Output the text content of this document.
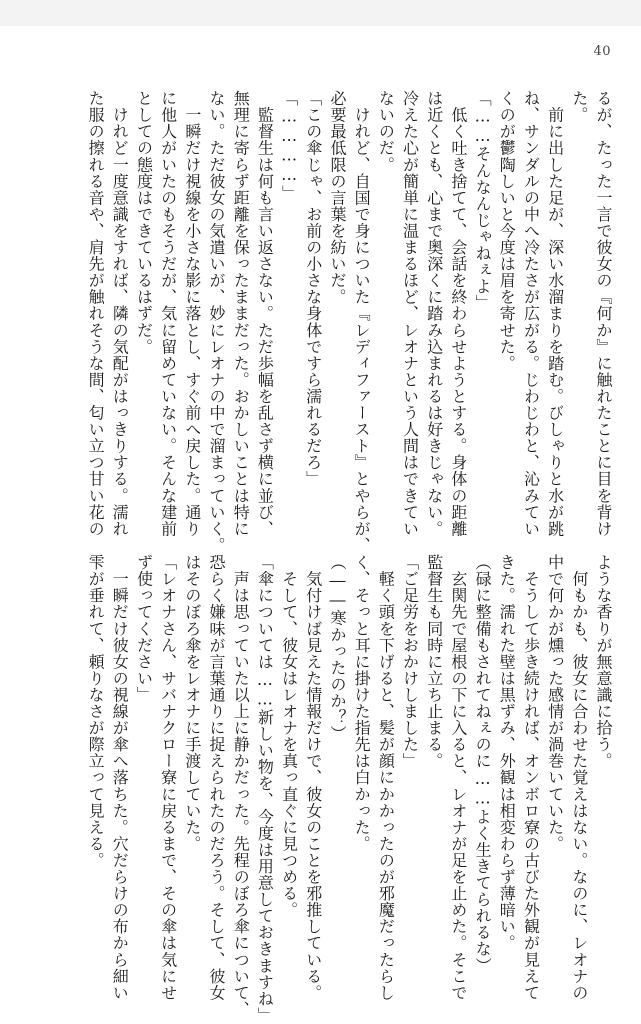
40
るが、たった一言で彼女の『何か』に触れたことに目を背け
た。
　前に出した足が、深い水溜まりを踏む。びしゃりと水が跳
ね、サンダルの中へ冷たさが広がる。じわじわと、沁みてい
くのが鬱陶しいと今度は眉を寄せた。
「……そんなんじゃねぇよ」
　低く吐き捨てて、会話を終わらせようとする。身体の距離
は近くとも、心まで奥深くに踏み込まれるは好きじゃない。
冷えた心が簡単に温まるほど、レオナという人間はできてい
ないのだ。
　けれど、自国で身についた『レディファースト』とやらが、
必要最低限の言葉を紡いだ。
「この傘じゃ、お前の小さな身体ですら濡れるだろ」
「…………」
　監督生は何も言い返さない。ただ歩幅を乱さず横に並び、
無理に寄らず距離を保ったままだった。おかしいことは特に
ない。ただ彼女の気遣いが、妙にレオナの中で溜まっていく。
　一瞬だけ視線を小さな影に落とし、すぐ前へ戻した。通り
に他人がいたのもそうだが、気に留めていない。そんな建前
としての態度はできているはずだ。
　けれど一度意識をすれば、隣の気配がはっきりする。濡れ
た服の擦れる音や、肩先が触れそうな間、匂い立つ甘い花の
ような香りが無意識に拾う。
　何もかも、彼女に合わせた覚えはない。なのに、レオナの
中で何かが燻った感情が渦巻いていた。
　そうして歩き続ければ、オンボロ寮の古びた外観が見えて
きた。濡れた壁は黒ずみ、外観は相変わらず薄暗い。
（碌に整備もされてねぇのに……よく生きてられるな）
　玄関先で屋根の下に入ると、レオナが足を止めた。そこで
監督生も同時に立ち止まる。
「ご足労をおかけしました」
　軽く頭を下げると、髪が顔にかかったのが邪魔だったらし
く、そっと耳に掛けた指先は白かった。
（――寒かったのか？）
　気付けば見えた情報だけで、彼女のことを邪推している。
　そして、彼女はレオナを真っ直ぐに見つめる。
「傘については……新しい物を、今度は用意しておきますね」
　声は思っていた以上に静かだった。先程のぼろ傘について、
恐らく嫌味が言葉通りに捉えられたのだろう。そして、彼女
はそのぼろ傘をレオナに手渡していた。
「レオナさん、サバナクロー寮に戻るまで、その傘は気にせ
ず使ってください」
　一瞬だけ彼女の視線が傘へ落ちた。穴だらけの布から細い
雫が垂れて、頼りなさが際立って見える。
